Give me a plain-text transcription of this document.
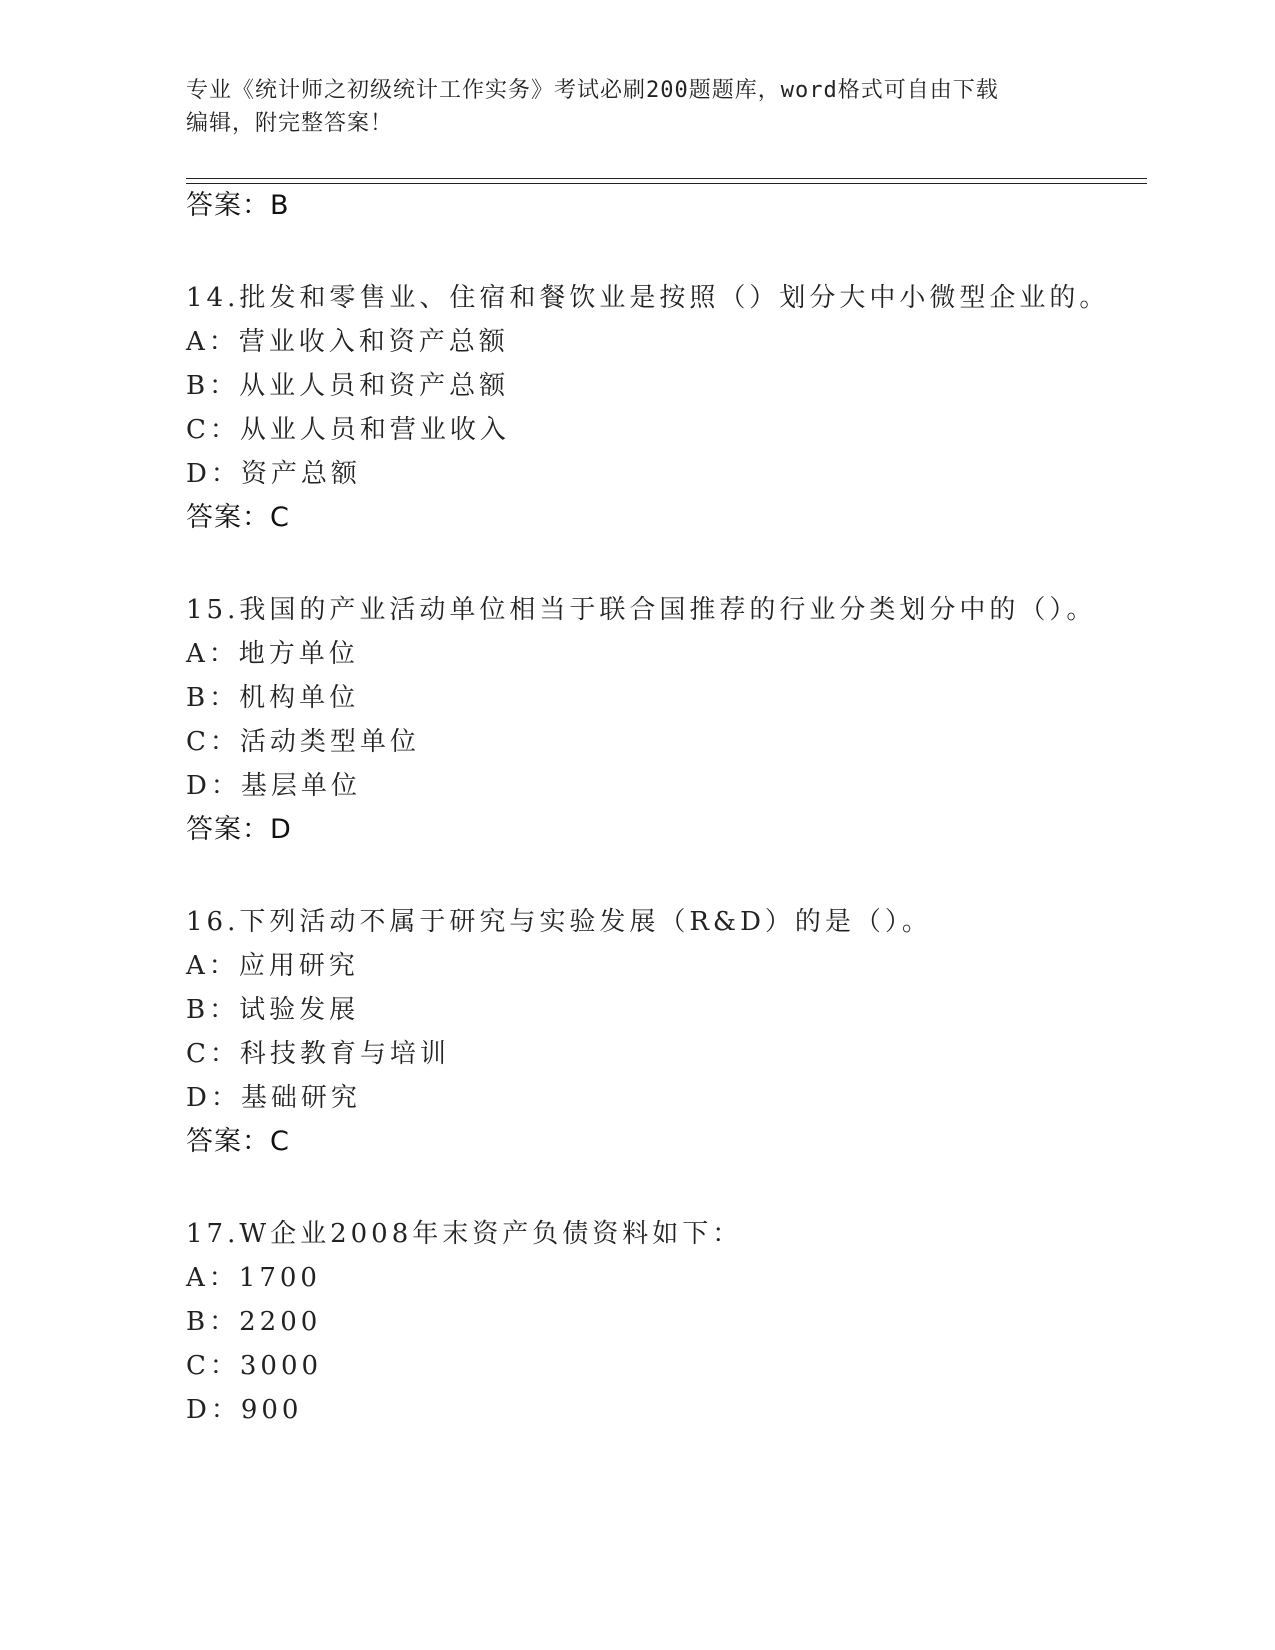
专业《统计师之初级统计工作实务》考试必刷200题题库，word格式可自由下载
编辑，附完整答案！
答案：B
14.批发和零售业、住宿和餐饮业是按照（）划分大中小微型企业的。
A：营业收入和资产总额
B：从业人员和资产总额
C：从业人员和营业收入
D：资产总额
答案：C
15.我国的产业活动单位相当于联合国推荐的行业分类划分中的（）。
A：地方单位
B：机构单位
C：活动类型单位
D：基层单位
答案：D
16.下列活动不属于研究与实验发展（R&D）的是（）。
A：应用研究
B：试验发展
C：科技教育与培训
D：基础研究
答案：C
17.W企业2008年末资产负债资料如下：
A：1700
B：2200
C：3000
D：900
